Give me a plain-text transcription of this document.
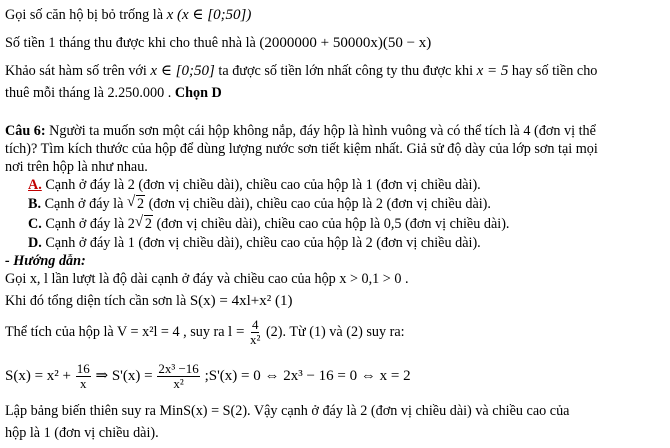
Gọi số căn hộ bị bỏ trống là x (x ∈ [0;50])
Số tiền 1 tháng thu được khi cho thuê nhà là (2000000 + 50000x)(50 − x)
Khảo sát hàm số trên với x ∈ [0;50] ta được số tiền lớn nhất công ty thu được khi x = 5 hay số tiền cho
thuê mỗi tháng là 2.250.000 . Chọn D
Câu 6: Người ta muốn sơn một cái hộp không nắp, đáy hộp là hình vuông và có thể tích là 4 (đơn vị thể
tích)? Tìm kích thước của hộp để dùng lượng nước sơn tiết kiệm nhất. Giả sử độ dày của lớp sơn tại mọi
nơi trên hộp là như nhau.
A. Cạnh ở đáy là 2 (đơn vị chiều dài), chiều cao của hộp là 1 (đơn vị chiều dài).
B. Cạnh ở đáy là √ 2 (đơn vị chiều dài), chiều cao của hộp là 2 (đơn vị chiều dài).
C. Cạnh ở đáy là 2 √ 2 (đơn vị chiều dài), chiều cao của hộp là 0,5 (đơn vị chiều dài).
D. Cạnh ở đáy là 1 (đơn vị chiều dài), chiều cao của hộp là 2 (đơn vị chiều dài).
- Hướng dẫn:
Gọi x, l lần lượt là độ dài cạnh ở đáy và chiều cao của hộp x > 0,1 > 0 .
Khi đó tổng diện tích cần sơn là S(x) = 4xl+x² (1)
Thể tích của hộp là V = x²l = 4 , suy ra $l = \frac{4}{\text{x²}} (2)$. Từ (1) và (2) suy ra:
$S(x) = x^2 + \frac{16}{x}$ ⇒ $S'(x) = \frac{\text{2x³ −16}}{\text{x²}}$ ;S'(x) = 0 ⇔ 2x³ − 16 = 0 ⇔ x = 2
Lập bảng biến thiên suy ra MinS(x) = S(2). Vậy cạnh ở đáy là 2 (đơn vị chiều dài) và chiều cao của
hộp là 1 (đơn vị chiều dài).
